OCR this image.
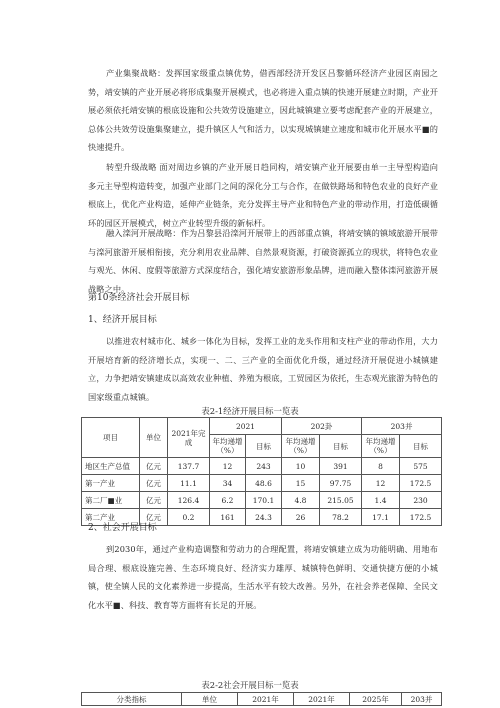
产业集聚战略：发挥国家级重点镇优势，借西部经济开发区吕黎循环经济产业园区南园之势，靖安镇的产业开展必将形成集聚开展模式，也必将进入重点镇的快速开展建立时期，产业开展必须依托靖安镇的根底设施和公共效劳设施建立，因此城镇建立要考虑配套产业的开展建立，总体公共效劳设施集聚建立，提升镇区人气和活力，以实现城镇建立速度和城市化开展水平■的快速提升。

转型升级战略 面对周边乡镇的产业开展日趋同构，靖安镇产业开展要由单一主导型构造向多元主导型构造转变，加强产业部门之间的深化分工与合作，在做铁路场和特色农业的良好产业根底上，优化产业构造，延伸产业链条，充分发挥主导产业和特色产业的带动作用，打造低碳循环的园区开展模式，树立产业转型升级的新标杆。

融入滦河开展战略：作为吕黎县沿滦河开展带上的西部重点镇，将靖安镇的镇域旅游开展带与滦河旅游开展相衔接，充分利用农业品牌、自然景观资源，打破资源孤立的现状，将特色农业与观光、休闲、度假等旅游方式深度结合，强化靖安旅游形象品牌，进而融入整体滦河旅游开展战略之中。

第10条经济社会开展目标
1、经济开展目标

以推进农村城市化、城乡一体化为目标，发挥工业的龙头作用和支柱产业的带动作用，大力开展培育新的经济增长点，实现一、二、三产业的全面优化升级，通过经济开展促进小城镇建立，力争把靖安镇建成以高效农业种植、养殖为根底，工贸园区为依托，生态观光旅游为特色的国家级重点城镇。

表2-1经济开展目标一览表
项目	单位	2021年完成	2021		202卦		203并	
			年均递增（%）	目标	年均递增（%）	目标	年均递增（%）	目标
地区生产总值	亿元	137.7	12	243	10	391	8	575
第一产业	亿元	11.1	34	48.6	15	97.75	12	172.5
第二厂■业	亿元	126.4	6.2	170.1	4.8	215.05	1.4	230
第二产业	亿元	0.2	161	24.3	26	78.2	17.1	172.5
2、社会开展目标

到2030年，通过产业构造调整和劳动力的合理配置，将靖安镇建立成为功能明确、用地布局合理、根底设施完善、生态环境良好、经济实力雄厚、城镇特色鲜明、交通快捷方便的小城镇，使全镇人民的文化素养进一步提高，生活水平有较大改善。另外，在社会养老保障、全民文化水平■、科技、教育等方面将有长足的开展。

表2-2社会开展目标一览表
分类指标	单位	2021年	2021年	2025年	203并
